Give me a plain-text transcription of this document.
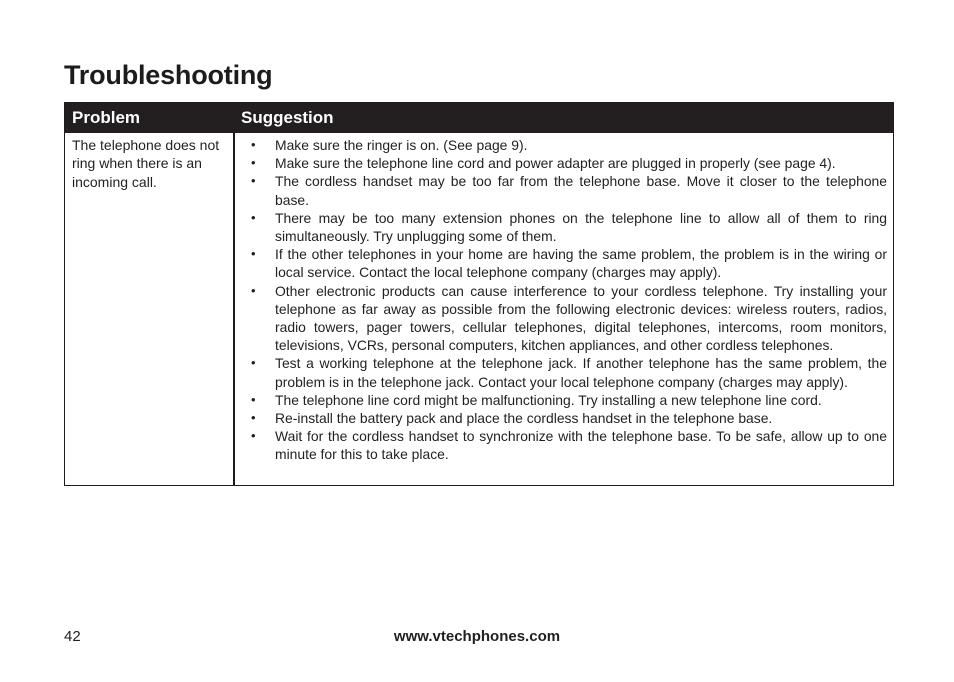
Troubleshooting
Problem	Suggestion
The telephone does not ring when there is an incoming call.
• Make sure the ringer is on. (See page 9).
• Make sure the telephone line cord and power adapter are plugged in properly (see page 4).
• The cordless handset may be too far from the telephone base. Move it closer to the telephone base.
• There may be too many extension phones on the telephone line to allow all of them to ring simultaneously. Try unplugging some of them.
• If the other telephones in your home are having the same problem, the problem is in the wiring or local service. Contact the local telephone company (charges may apply).
• Other electronic products can cause interference to your cordless telephone. Try installing your telephone as far away as possible from the following electronic devices: wireless routers, radios, radio towers, pager towers, cellular telephones, digital telephones, intercoms, room monitors, televisions, VCRs, personal computers, kitchen appliances, and other cordless telephones.
• Test a working telephone at the telephone jack. If another telephone has the same problem, the problem is in the telephone jack. Contact your local telephone company (charges may apply).
• The telephone line cord might be malfunctioning. Try installing a new telephone line cord.
• Re-install the battery pack and place the cordless handset in the telephone base.
• Wait for the cordless handset to synchronize with the telephone base. To be safe, allow up to one minute for this to take place.
42	www.vtechphones.com
